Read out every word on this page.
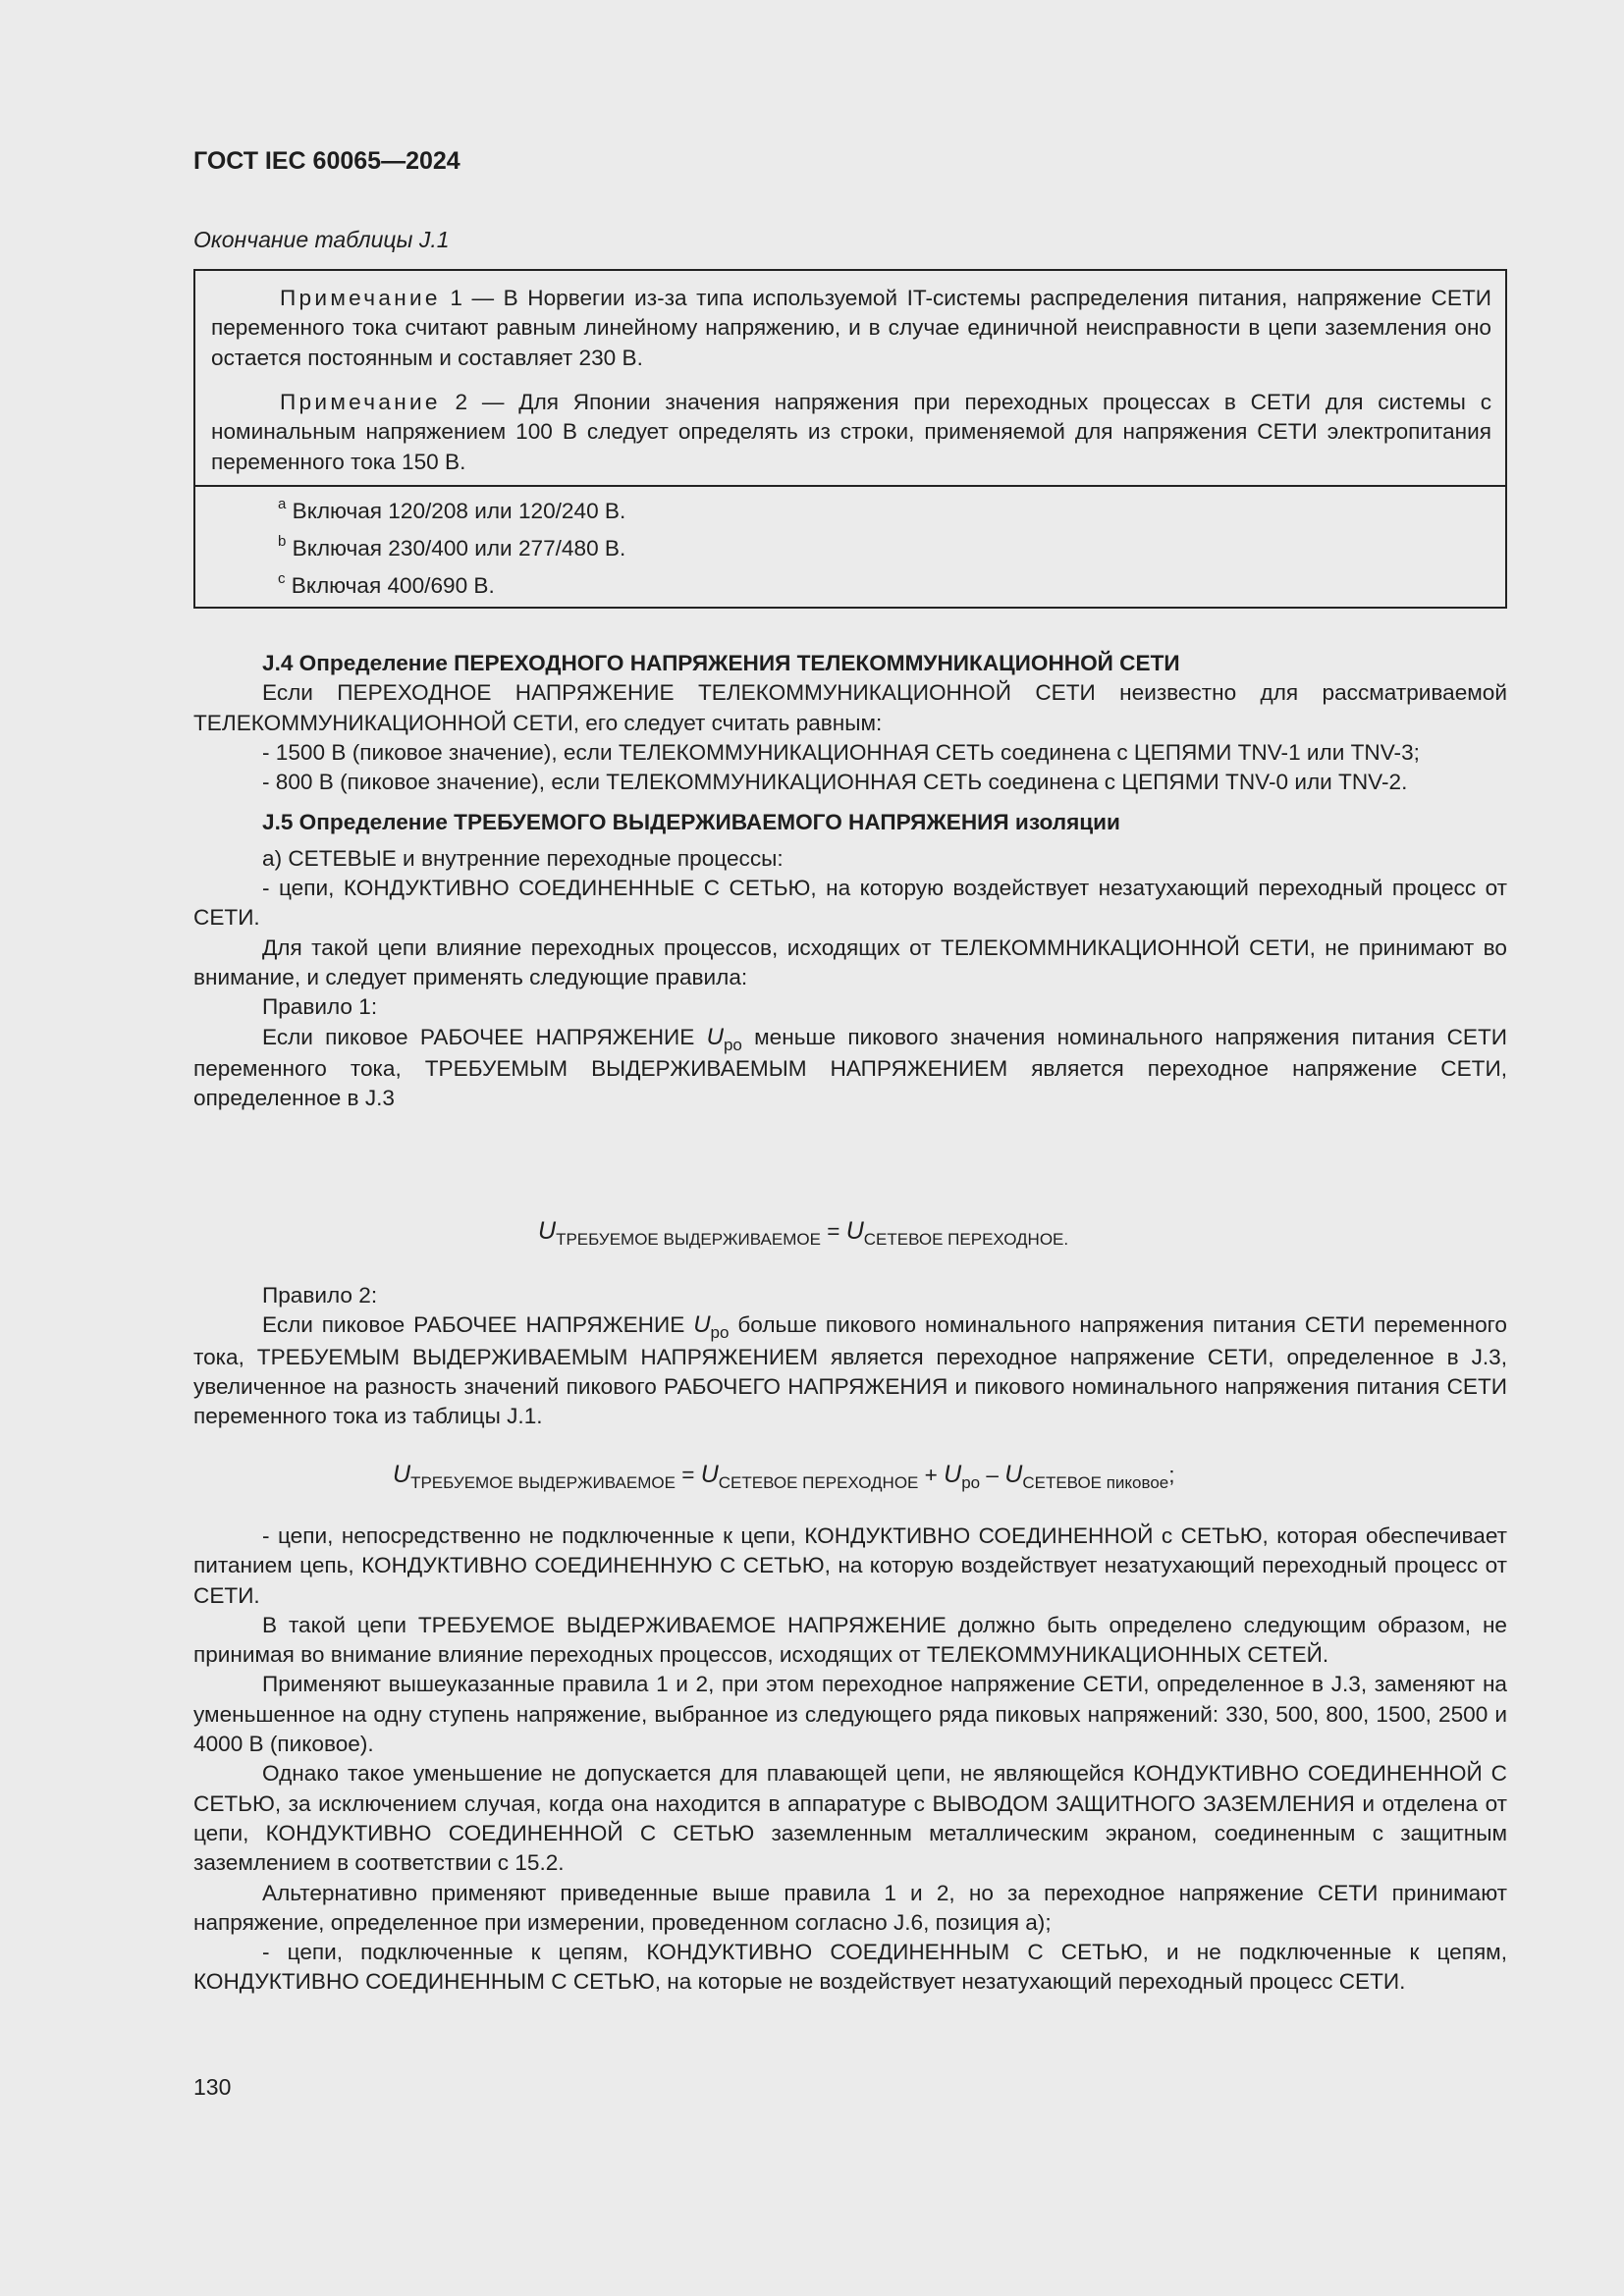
ГОСТ IEC 60065—2024
Окончание таблицы J.1

Примечание 1 — В Норвегии из-за типа используемой IT-системы распределения питания, напряжение СЕТИ переменного тока считают равным линейному напряжению, и в случае единичной неисправности в цепи заземления оно остается постоянным и составляет 230 В.

Примечание 2 — Для Японии значения напряжения при переходных процессах в СЕТИ для системы с номинальным напряжением 100 В следует определять из строки, применяемой для напряжения СЕТИ электропитания переменного тока 150 В.

$^a$ Включая 120/208 или 120/240 В.
$^b$ Включая 230/400 или 277/480 В.
$^c$ Включая 400/690 В.

J.4 Определение ПЕРЕХОДНОГО НАПРЯЖЕНИЯ ТЕЛЕКОММУНИКАЦИОННОЙ СЕТИ

Если ПЕРЕХОДНОЕ НАПРЯЖЕНИЕ ТЕЛЕКОММУНИКАЦИОННОЙ СЕТИ неизвестно для рассматриваемой ТЕЛЕКОММУНИКАЦИОННОЙ СЕТИ, его следует считать равным:

- 1500 В (пиковое значение), если ТЕЛЕКОММУНИКАЦИОННАЯ СЕТЬ соединена с ЦЕПЯМИ TNV-1 или TNV-3;

- 800 В (пиковое значение), если ТЕЛЕКОММУНИКАЦИОННАЯ СЕТЬ соединена с ЦЕПЯМИ TNV-0 или TNV-2.

J.5 Определение ТРЕБУЕМОГО ВЫДЕРЖИВАЕМОГО НАПРЯЖЕНИЯ изоляции

а) СЕТЕВЫЕ и внутренние переходные процессы:

- цепи, КОНДУКТИВНО СОЕДИНЕННЫЕ С СЕТЬЮ, на которую воздействует незатухающий переходный процесс от СЕТИ.

Для такой цепи влияние переходных процессов, исходящих от ТЕЛЕКОММНИКАЦИОННОЙ СЕТИ, не принимают во внимание, и следует применять следующие правила:

Правило 1:

Если пиковое РАБОЧЕЕ НАПРЯЖЕНИЕ $U_{po}$ меньше пикового значения номинального напряжения питания СЕТИ переменного тока, ТРЕБУЕМЫМ ВЫДЕРЖИВАЕМЫМ НАПРЯЖЕНИЕМ является переходное напряжение СЕТИ, определенное в J.3

$U_{ТРЕБУЕМОЕ ВЫДЕРЖИВАЕМОЕ} = U_{СЕТЕВОЕ ПЕРЕХОДНОЕ.}$

Правило 2:

Если пиковое РАБОЧЕЕ НАПРЯЖЕНИЕ $U_{po}$ больше пикового номинального напряжения питания СЕТИ переменного тока, ТРЕБУЕМЫМ ВЫДЕРЖИВАЕМЫМ НАПРЯЖЕНИЕМ является переходное напряжение СЕТИ, определенное в J.3, увеличенное на разность значений пикового РАБОЧЕГО НАПРЯЖЕНИЯ и пикового номинального напряжения питания СЕТИ переменного тока из таблицы J.1.

$U_{ТРЕБУЕМОЕ ВЫДЕРЖИВАЕМОЕ} = U_{СЕТЕВОЕ ПЕРЕХОДНОЕ} + U_{po} - U_{СЕТЕВОЕ пиковое}$;

- цепи, непосредственно не подключенные к цепи, КОНДУКТИВНО СОЕДИНЕННОЙ с СЕТЬЮ, которая обеспечивает питанием цепь, КОНДУКТИВНО СОЕДИНЕННУЮ С СЕТЬЮ, на которую воздействует незатухающий переходный процесс от СЕТИ.

В такой цепи ТРЕБУЕМОЕ ВЫДЕРЖИВАЕМОЕ НАПРЯЖЕНИЕ должно быть определено следующим образом, не принимая во внимание влияние переходных процессов, исходящих от ТЕЛЕКОММУНИКАЦИОННЫХ СЕТЕЙ.

Применяют вышеуказанные правила 1 и 2, при этом переходное напряжение СЕТИ, определенное в J.3, заменяют на уменьшенное на одну ступень напряжение, выбранное из следующего ряда пиковых напряжений: 330, 500, 800, 1500, 2500 и 4000 В (пиковое).

Однако такое уменьшение не допускается для плавающей цепи, не являющейся КОНДУКТИВНО СОЕДИНЕННОЙ С СЕТЬЮ, за исключением случая, когда она находится в аппаратуре с ВЫВОДОМ ЗАЩИТНОГО ЗАЗЕМЛЕНИЯ и отделена от цепи, КОНДУКТИВНО СОЕДИНЕННОЙ С СЕТЬЮ заземленным металлическим экраном, соединенным с защитным заземлением в соответствии с 15.2.

Альтернативно применяют приведенные выше правила 1 и 2, но за переходное напряжение СЕТИ принимают напряжение, определенное при измерении, проведенном согласно J.6, позиция а);

- цепи, подключенные к цепям, КОНДУКТИВНО СОЕДИНЕННЫМ С СЕТЬЮ, и не подключенные к цепям, КОНДУКТИВНО СОЕДИНЕННЫМ С СЕТЬЮ, на которые не воздействует незатухающий переходный процесс СЕТИ.

130
